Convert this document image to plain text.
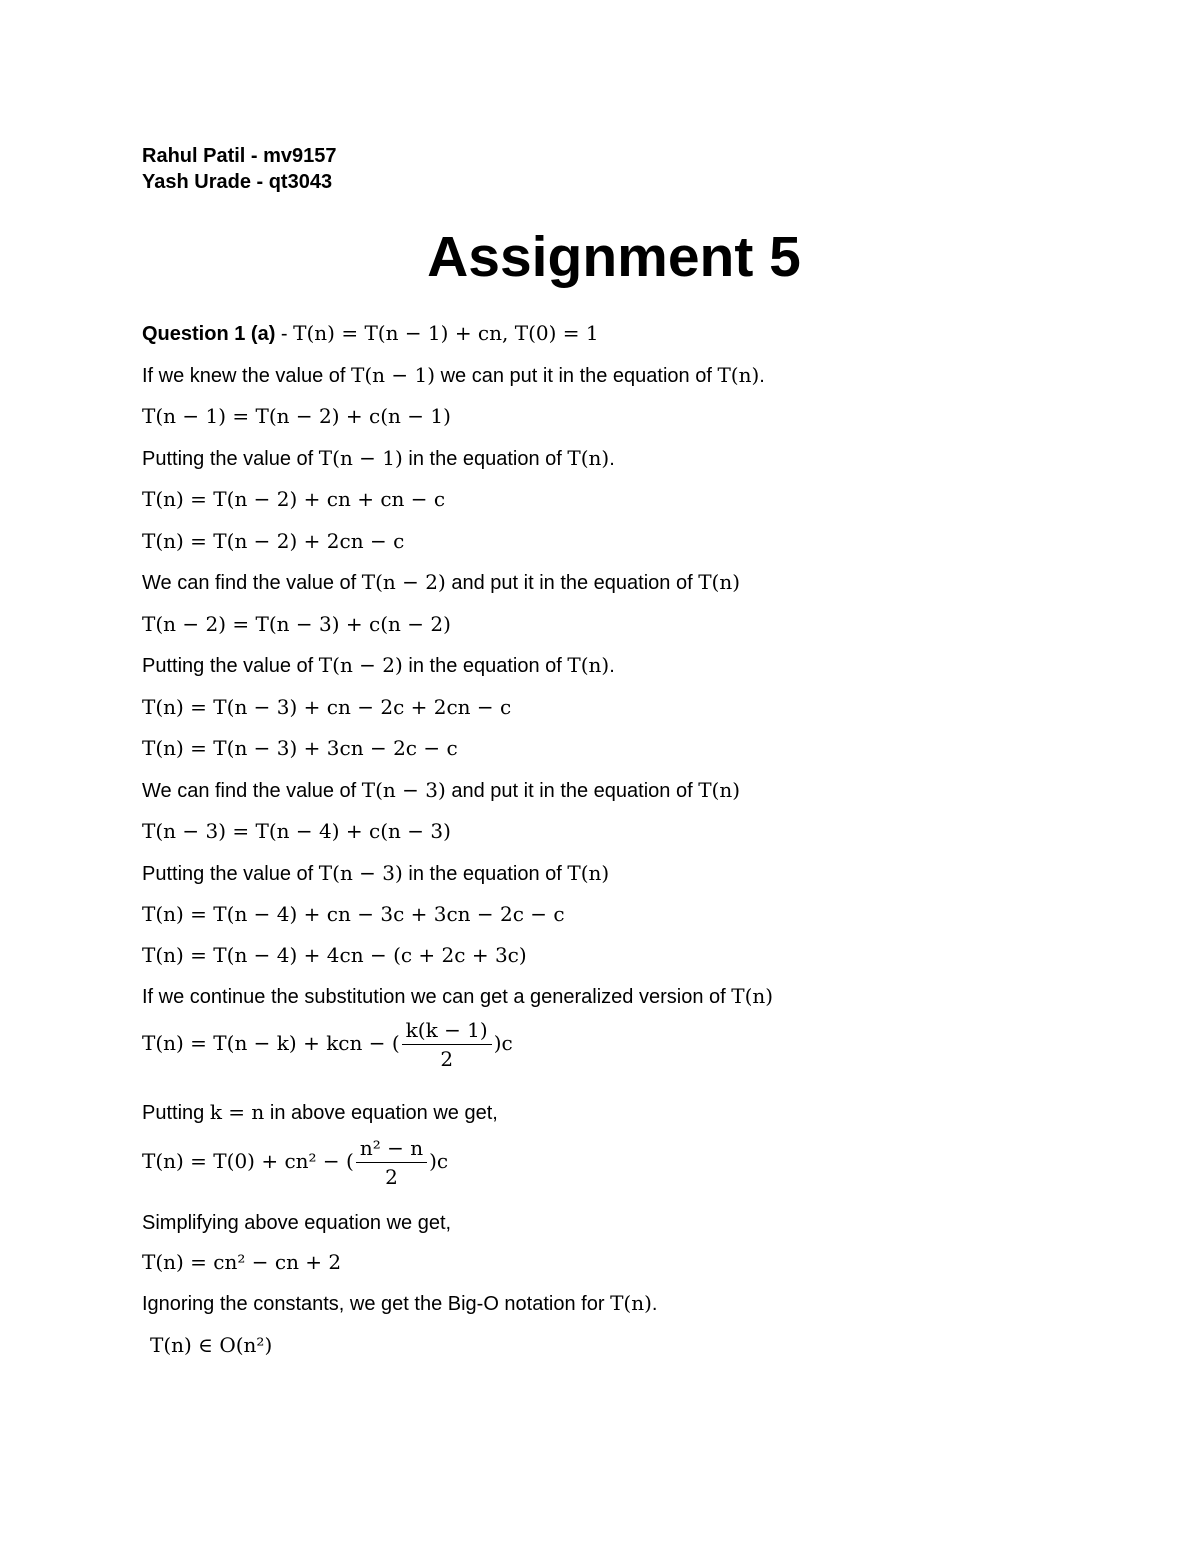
Rahul Patil - mv9157
Yash Urade - qt3043
Assignment 5
Question 1 (a) - T(n) = T(n − 1) + cn, T(0) = 1
If we knew the value of T(n − 1) we can put it in the equation of T(n).
T(n − 1) = T(n − 2) + c(n − 1)
Putting the value of T(n − 1) in the equation of T(n).
T(n) = T(n − 2) + cn + cn − c
T(n) = T(n − 2) + 2cn − c
We can find the value of T(n − 2) and put it in the equation of T(n)
T(n − 2) = T(n − 3) + c(n − 2)
Putting the value of T(n − 2) in the equation of T(n).
T(n) = T(n − 3) + cn − 2c + 2cn − c
T(n) = T(n − 3) + 3cn − 2c − c
We can find the value of T(n − 3) and put it in the equation of T(n)
T(n − 3) = T(n − 4) + c(n − 3)
Putting the value of T(n − 3) in the equation of T(n)
T(n) = T(n − 4) + cn − 3c + 3cn − 2c − c
T(n) = T(n − 4) + 4cn − (c + 2c + 3c)
If we continue the substitution we can get a generalized version of T(n)
T(n) = T(n − k) + kcn − ( $\frac{k(k - 1)}{2} )c$
Putting k = n in above equation we get,
T(n) = T(0) + cn² − ( $\frac{\text{n² − n}}{2} )c$
Simplifying above equation we get,
T(n) = cn² − cn + 2
Ignoring the constants, we get the Big-O notation for T(n).
T(n) ∈ O(n²)
